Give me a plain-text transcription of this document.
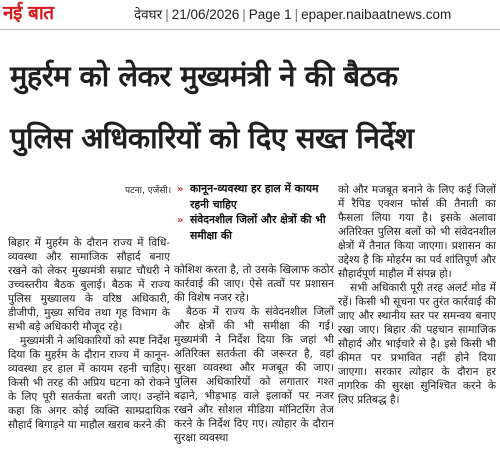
नई बात	देवघर | 21/06/2026 | Page 1 | epaper.naibaatnews.com
मुहर्रम को लेकर मुख्यमंत्री ने की बैठक
पुलिस अधिकारियों को दिए सख्त निर्देश
पटना, एजेंसी। » कानून-व्यवस्था हर हाल में कायम रहनी चाहिए
» संवेदनशील जिलों और क्षेत्रों की भी समीक्षा की

बिहार में मुहर्रम के दौरान राज्य में विधि-व्यवस्था और सामाजिक सौहार्द बनाए रखने को लेकर मुख्यमंत्री सम्राट चौधरी ने उच्चस्तरीय बैठक बुलाई। बैठक में राज्य पुलिस मुख्यालय के वरिष्ठ अधिकारी, डीजीपी, मुख्य सचिव तथा गृह विभाग के सभी बड़े अधिकारी मौजूद रहे।

मुख्यमंत्री ने अधिकारियों को स्पष्ट निर्देश दिया कि मुहर्रम के दौरान राज्य में कानून-व्यवस्था हर हाल में कायम रहनी चाहिए। किसी भी तरह की अप्रिय घटना को रोकने के लिए पूरी सतर्कता बरती जाए। उन्होंने कहा कि अगर कोई व्यक्ति साम्प्रदायिक सौहार्द बिगाड़ने या माहौल खराब करने की

कोशिश करता है, तो उसके खिलाफ कठोर कार्रवाई की जाए। ऐसे तत्वों पर प्रशासन की विशेष नजर रहे।

बैठक में राज्य के संवेदनशील जिलों और क्षेत्रों की भी समीक्षा की गई। मुख्यमंत्री ने निर्देश दिया कि जहां भी अतिरिक्त सतर्कता की जरूरत है, वहां सुरक्षा व्यवस्था और मजबूत की जाए। पुलिस अधिकारियों को लगातार गश्त बढ़ाने, भीड़भाड़ वाले इलाकों पर नजर रखने और सोशल मीडिया मॉनिटरिंग तेज करने के निर्देश दिए गए। त्योहार के दौरान सुरक्षा व्यवस्था

को और मजबूत बनाने के लिए कई जिलों में रैपिड एक्शन फोर्स की तैनाती का फैसला लिया गया है। इसके अलावा अतिरिक्त पुलिस बलों को भी संवेदनशील क्षेत्रों में तैनात किया जाएगा। प्रशासन का उद्देश्य है कि मोहर्रम का पर्व शांतिपूर्ण और सौहार्दपूर्ण माहौल में संपन्न हो।

सभी अधिकारी पूरी तरह अलर्ट मोड में रहें। किसी भी सूचना पर तुरंत कार्रवाई की जाए और स्थानीय स्तर पर समन्वय बनाए रखा जाए। बिहार की पहचान सामाजिक सौहार्द और भाईचारे से है। इसे किसी भी कीमत पर प्रभावित नहीं होने दिया जाएगा। सरकार त्योहार के दौरान हर नागरिक की सुरक्षा सुनिश्चित करने के लिए प्रतिबद्ध है।
